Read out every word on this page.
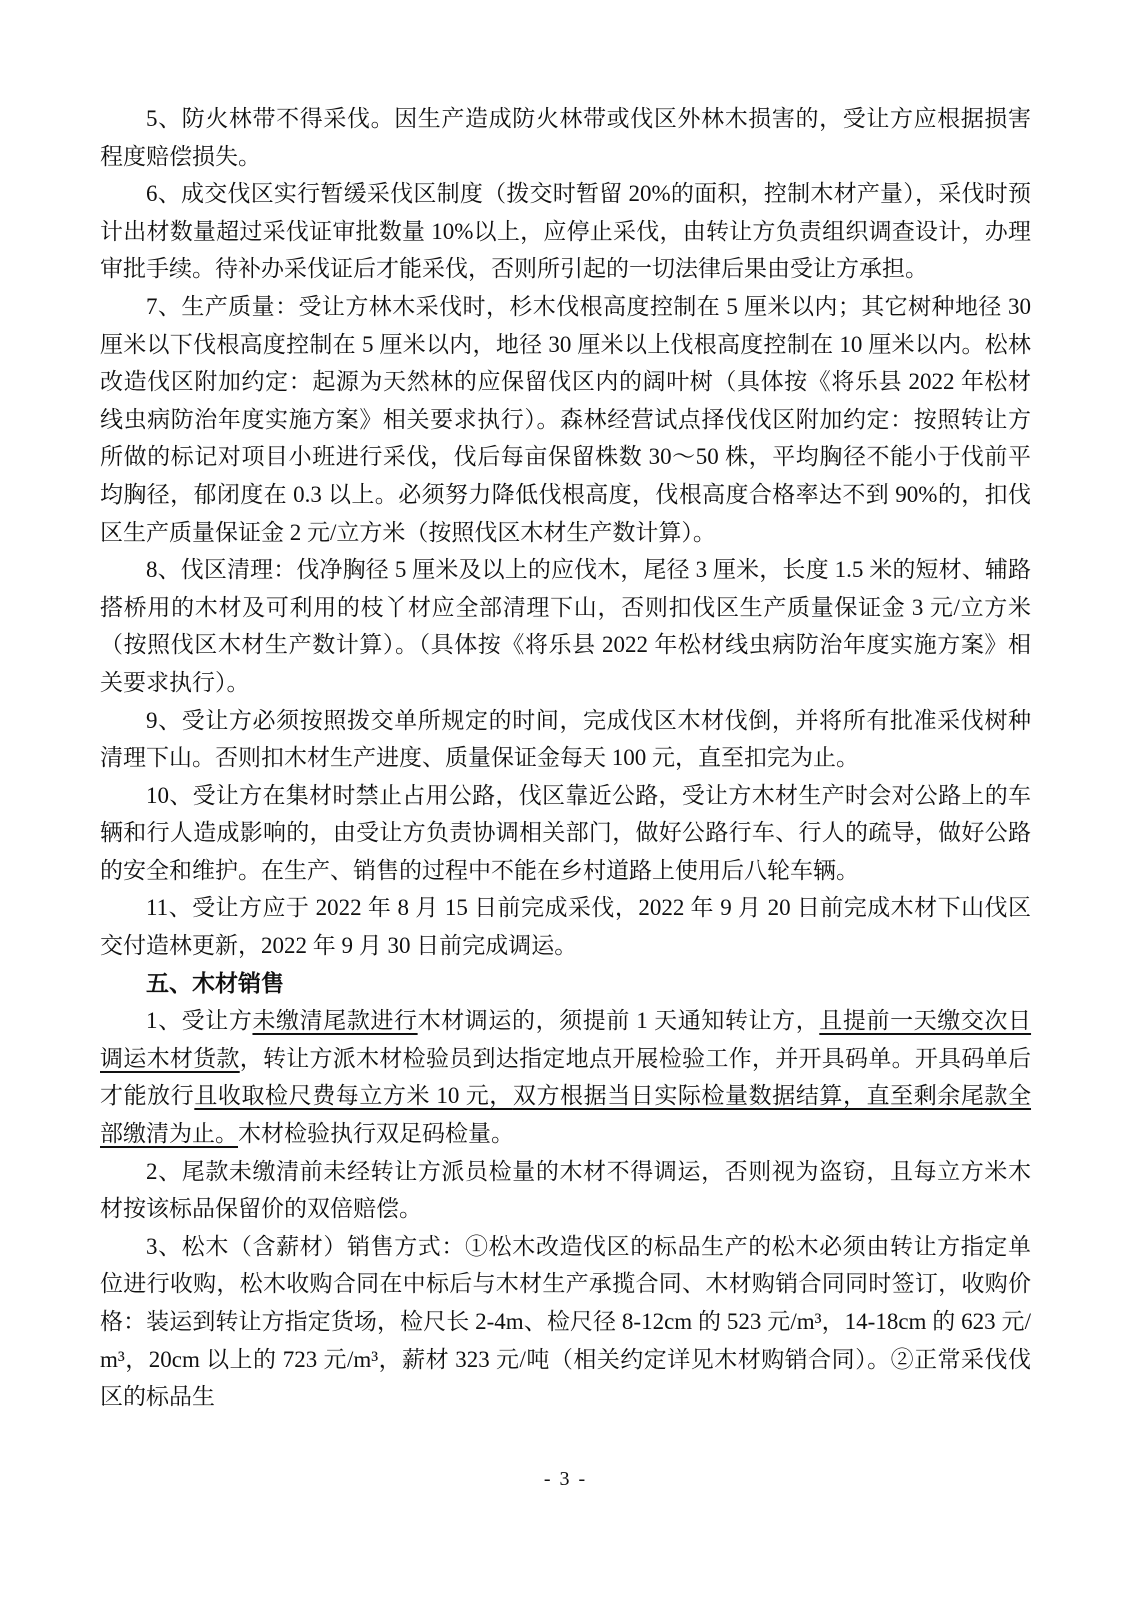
5、防火林带不得采伐。因生产造成防火林带或伐区外林木损害的，受让方应根据损害程度赔偿损失。

6、成交伐区实行暂缓采伐区制度（拨交时暂留 20%的面积，控制木材产量），采伐时预计出材数量超过采伐证审批数量 10%以上，应停止采伐，由转让方负责组织调查设计，办理审批手续。待补办采伐证后才能采伐，否则所引起的一切法律后果由受让方承担。

7、生产质量：受让方林木采伐时，杉木伐根高度控制在 5 厘米以内；其它树种地径 30 厘米以下伐根高度控制在 5 厘米以内，地径 30 厘米以上伐根高度控制在 10 厘米以内。松林改造伐区附加约定：起源为天然林的应保留伐区内的阔叶树（具体按《将乐县 2022 年松材线虫病防治年度实施方案》相关要求执行）。森林经营试点择伐伐区附加约定：按照转让方所做的标记对项目小班进行采伐，伐后每亩保留株数 30～50 株，平均胸径不能小于伐前平均胸径，郁闭度在 0.3 以上。必须努力降低伐根高度，伐根高度合格率达不到 90%的，扣伐区生产质量保证金 2 元/立方米（按照伐区木材生产数计算）。

8、伐区清理：伐净胸径 5 厘米及以上的应伐木，尾径 3 厘米，长度 1.5 米的短材、辅路搭桥用的木材及可利用的枝丫材应全部清理下山，否则扣伐区生产质量保证金 3 元/立方米（按照伐区木材生产数计算）。（具体按《将乐县 2022 年松材线虫病防治年度实施方案》相关要求执行）。

9、受让方必须按照拨交单所规定的时间，完成伐区木材伐倒，并将所有批准采伐树种清理下山。否则扣木材生产进度、质量保证金每天 100 元，直至扣完为止。

10、受让方在集材时禁止占用公路，伐区靠近公路，受让方木材生产时会对公路上的车辆和行人造成影响的，由受让方负责协调相关部门，做好公路行车、行人的疏导，做好公路的安全和维护。在生产、销售的过程中不能在乡村道路上使用后八轮车辆。

11、受让方应于 2022 年 8 月 15 日前完成采伐，2022 年 9 月 20 日前完成木材下山伐区交付造林更新，2022 年 9 月 30 日前完成调运。

五、木材销售

1、受让方未缴清尾款进行木材调运的，须提前 1 天通知转让方，且提前一天缴交次日调运木材货款，转让方派木材检验员到达指定地点开展检验工作，并开具码单。开具码单后才能放行且收取检尺费每立方米 10 元，双方根据当日实际检量数据结算，直至剩余尾款全部缴清为止。木材检验执行双足码检量。

2、尾款未缴清前未经转让方派员检量的木材不得调运，否则视为盗窃，且每立方米木材按该标品保留价的双倍赔偿。

3、松木（含薪材）销售方式：①松木改造伐区的标品生产的松木必须由转让方指定单位进行收购，松木收购合同在中标后与木材生产承揽合同、木材购销合同同时签订，收购价格：装运到转让方指定货场，检尺长 2-4m、检尺径 8-12cm 的 523 元/m³，14-18cm 的 623 元/m³，20cm 以上的 723 元/m³，薪材 323 元/吨（相关约定详见木材购销合同）。②正常采伐伐区的标品生

- 3 -
